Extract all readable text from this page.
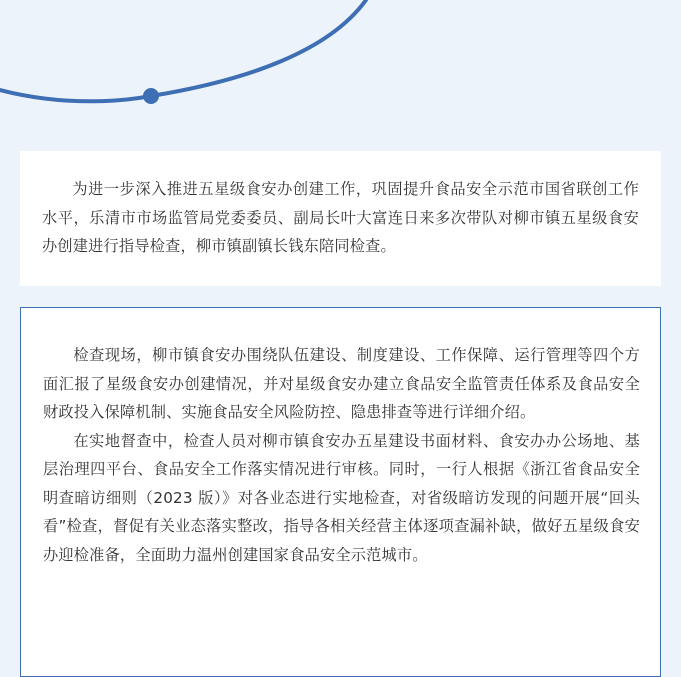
为进一步深入推进五星级食安办创建工作，巩固提升食品安全示范市国省联创工作水平，乐清市市场监管局党委委员、副局长叶大富连日来多次带队对柳市镇五星级食安办创建进行指导检查，柳市镇副镇长钱东陪同检查。

检查现场，柳市镇食安办围绕队伍建设、制度建设、工作保障、运行管理等四个方面汇报了星级食安办创建情况，并对星级食安办建立食品安全监管责任体系及食品安全财政投入保障机制、实施食品安全风险防控、隐患排查等进行详细介绍。

在实地督查中，检查人员对柳市镇食安办五星建设书面材料、食安办办公场地、基层治理四平台、食品安全工作落实情况进行审核。同时，一行人根据《浙江省食品安全明查暗访细则（2023 版）》对各业态进行实地检查，对省级暗访发现的问题开展“回头看”检查，督促有关业态落实整改，指导各相关经营主体逐项查漏补缺，做好五星级食安办迎检准备，全面助力温州创建国家食品安全示范城市。
